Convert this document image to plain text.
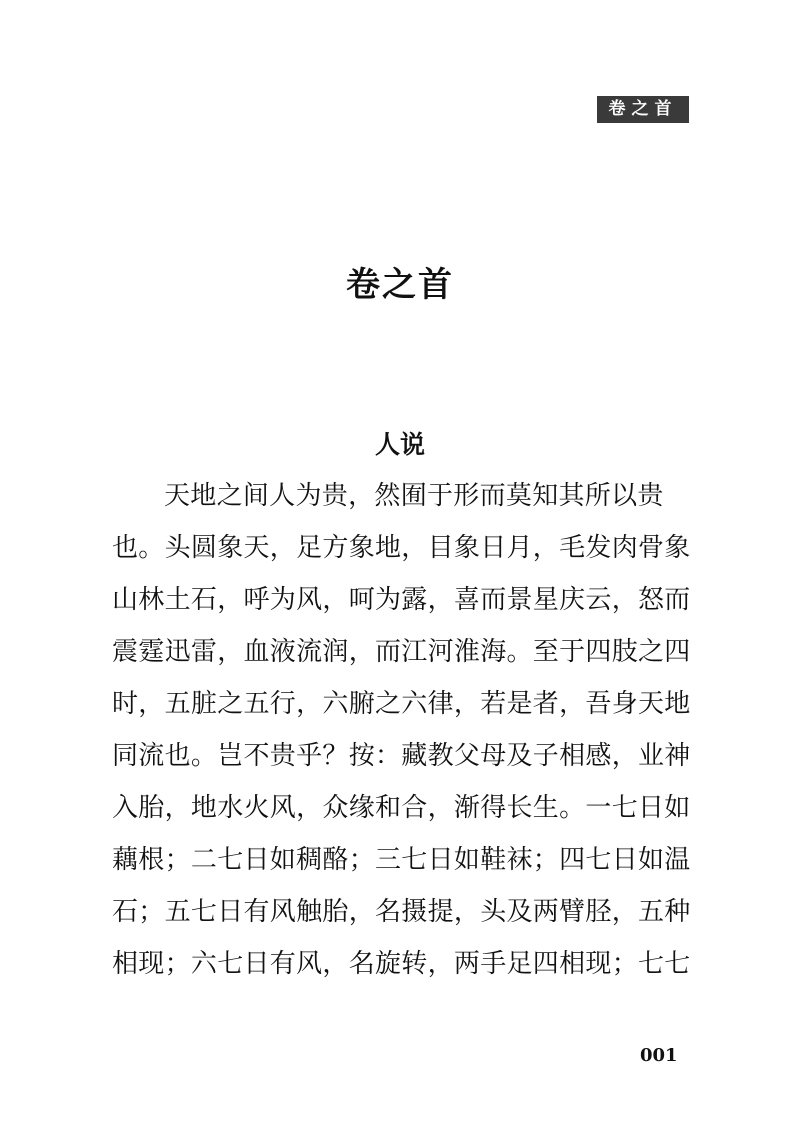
卷之首
卷之首
人说
天地之间人为贵，然囿于形而莫知其所以贵
也。头圆象天，足方象地，目象日月，毛发肉骨象
山林土石，呼为风，呵为露，喜而景星庆云，怒而
震霆迅雷，血液流润，而江河淮海。至于四肢之四
时，五脏之五行，六腑之六律，若是者，吾身天地
同流也。岂不贵乎？按：藏教父母及子相感，业神
入胎，地水火风，众缘和合，渐得长生。一七日如
藕根；二七日如稠酪；三七日如鞋袜；四七日如温
石；五七日有风触胎，名摄提，头及两臂胫，五种
相现；六七日有风，名旋转，两手足四相现；七七
001
